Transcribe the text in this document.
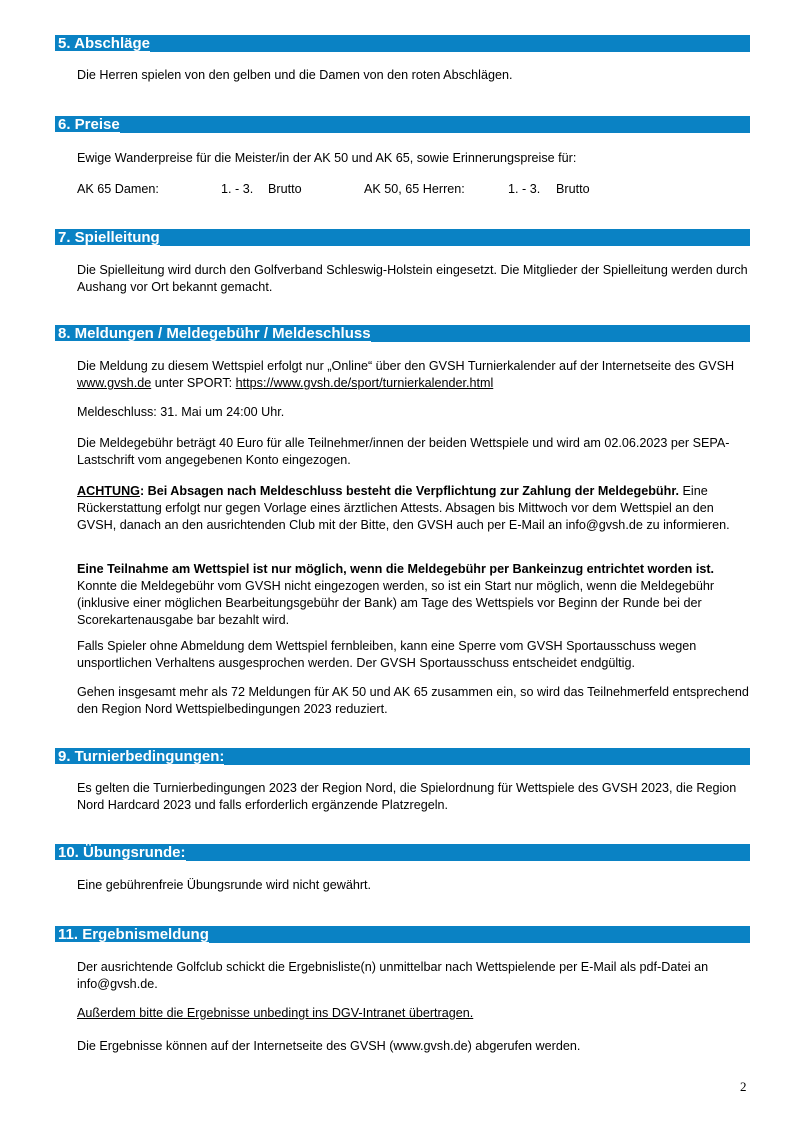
5. Abschläge

Die Herren spielen von den gelben und die Damen von den roten Abschlägen.

6. Preise

Ewige Wanderpreise für die Meister/in der AK 50 und AK 65, sowie Erinnerungspreise für:

AK 65 Damen:	1. - 3. Brutto	AK 50, 65 Herren:	1. - 3. Brutto
7. Spielleitung

Die Spielleitung wird durch den Golfverband Schleswig-Holstein eingesetzt. Die Mitglieder der Spielleitung werden durch Aushang vor Ort bekannt gemacht.

8. Meldungen / Meldegebühr / Meldeschluss

Die Meldung zu diesem Wettspiel erfolgt nur „Online“ über den GVSH Turnierkalender auf der Internetseite des GVSH www.gvsh.de unter SPORT: https://www.gvsh.de/sport/turnierkalender.html

Meldeschluss: 31. Mai um 24:00 Uhr.

Die Meldegebühr beträgt 40 Euro für alle Teilnehmer/innen der beiden Wettspiele und wird am 02.06.2023 per SEPA-Lastschrift vom angegebenen Konto eingezogen.

ACHTUNG: Bei Absagen nach Meldeschluss besteht die Verpflichtung zur Zahlung der Meldegebühr. Eine Rückerstattung erfolgt nur gegen Vorlage eines ärztlichen Attests. Absagen bis Mittwoch vor dem Wettspiel an den GVSH, danach an den ausrichtenden Club mit der Bitte, den GVSH auch per E-Mail an info@gvsh.de zu informieren.

Eine Teilnahme am Wettspiel ist nur möglich, wenn die Meldegebühr per Bankeinzug entrichtet worden ist. Konnte die Meldegebühr vom GVSH nicht eingezogen werden, so ist ein Start nur möglich, wenn die Meldegebühr (inklusive einer möglichen Bearbeitungsgebühr der Bank) am Tage des Wettspiels vor Beginn der Runde bei der Scorekartenausgabe bar bezahlt wird.

Falls Spieler ohne Abmeldung dem Wettspiel fernbleiben, kann eine Sperre vom GVSH Sportausschuss wegen unsportlichen Verhaltens ausgesprochen werden. Der GVSH Sportausschuss entscheidet endgültig.

Gehen insgesamt mehr als 72 Meldungen für AK 50 und AK 65 zusammen ein, so wird das Teilnehmerfeld entsprechend den Region Nord Wettspielbedingungen 2023 reduziert.

9. Turnierbedingungen:

Es gelten die Turnierbedingungen 2023 der Region Nord, die Spielordnung für Wettspiele des GVSH 2023, die Region Nord Hardcard 2023 und falls erforderlich ergänzende Platzregeln.

10. Übungsrunde:

Eine gebührenfreie Übungsrunde wird nicht gewährt.

11. Ergebnismeldung

Der ausrichtende Golfclub schickt die Ergebnisliste(n) unmittelbar nach Wettspielende per E-Mail als pdf-Datei an info@gvsh.de.

Außerdem bitte die Ergebnisse unbedingt ins DGV-Intranet übertragen.

Die Ergebnisse können auf der Internetseite des GVSH (www.gvsh.de) abgerufen werden.

2
